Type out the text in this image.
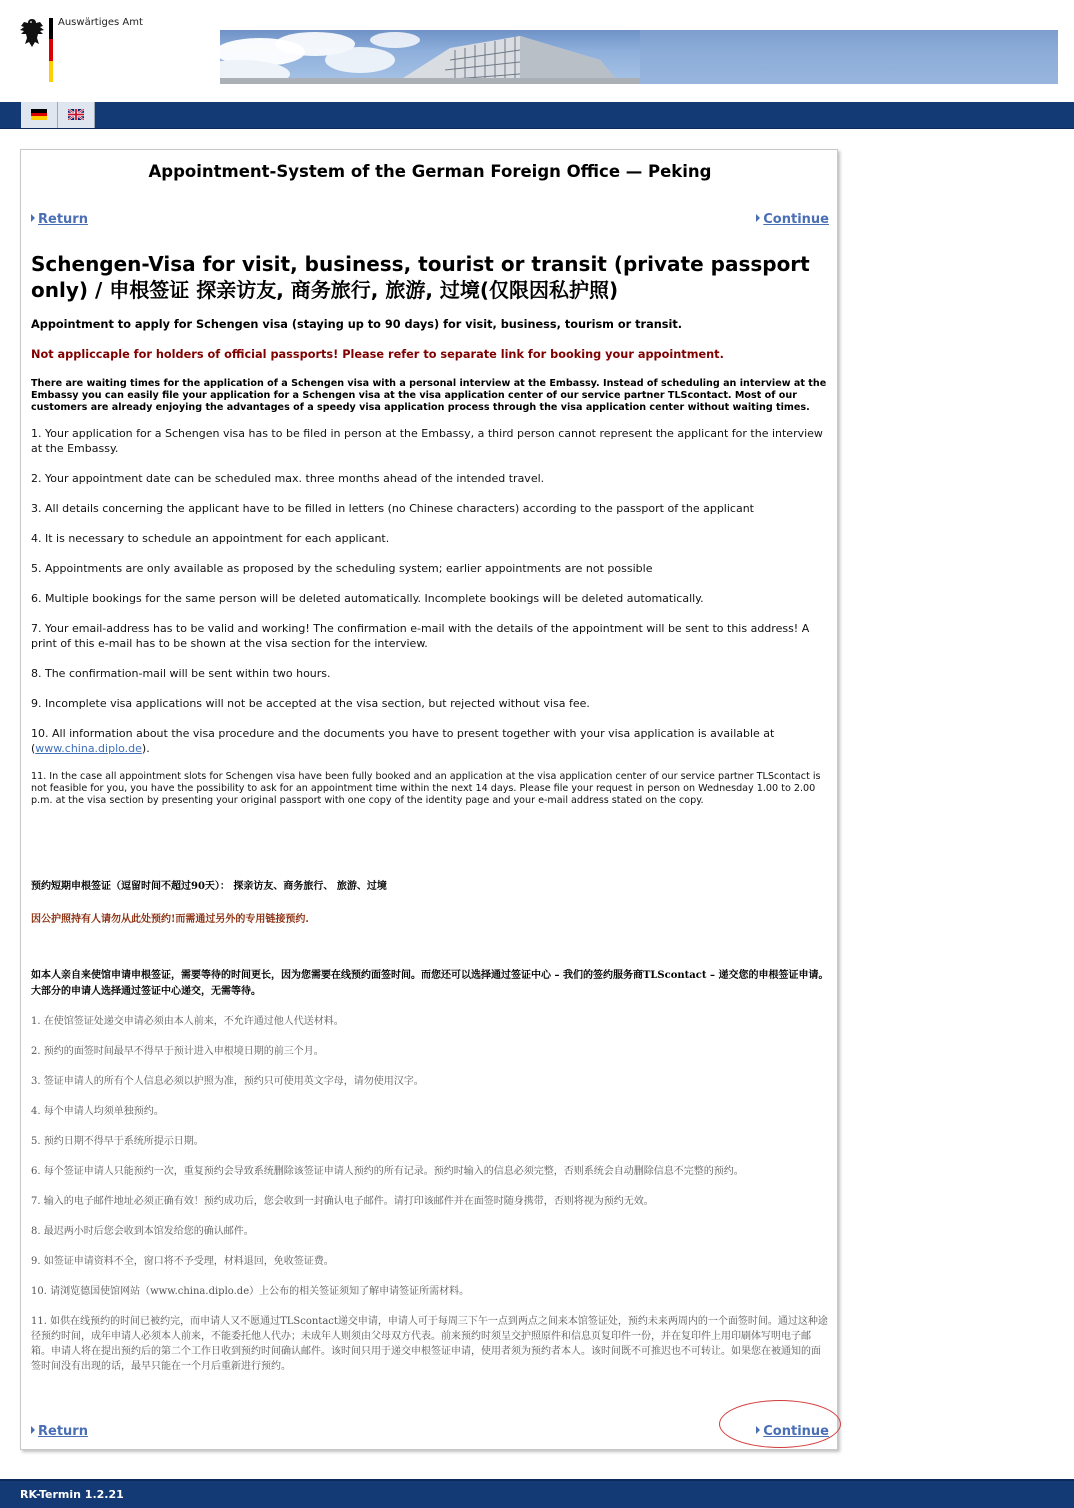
Auswärtiges Amt
Appointment-System of the German Foreign Office — Peking
Return	Continue
Schengen-Visa for visit, business, tourist or transit (private passport only) / 申根签证 探亲访友, 商务旅行, 旅游, 过境(仅限因私护照)
Appointment to apply for Schengen visa (staying up to 90 days) for visit, business, tourism or transit.
Not appliccaple for holders of official passports! Please refer to separate link for booking your appointment.
There are waiting times for the application of a Schengen visa with a personal interview at the Embassy. Instead of scheduling an interview at the Embassy you can easily file your application for a Schengen visa at the visa application center of our service partner TLScontact. Most of our customers are already enjoying the advantages of a speedy visa application process through the visa application center without waiting times.
1. Your application for a Schengen visa has to be filed in person at the Embassy, a third person cannot represent the applicant for the interview at the Embassy.
2. Your appointment date can be scheduled max. three months ahead of the intended travel.
3. All details concerning the applicant have to be filled in letters (no Chinese characters) according to the passport of the applicant
4. It is necessary to schedule an appointment for each applicant.
5. Appointments are only available as proposed by the scheduling system; earlier appointments are not possible
6. Multiple bookings for the same person will be deleted automatically. Incomplete bookings will be deleted automatically.
7. Your email-address has to be valid and working! The confirmation e-mail with the details of the appointment will be sent to this address! A print of this e-mail has to be shown at the visa section for the interview.
8. The confirmation-mail will be sent within two hours.
9. Incomplete visa applications will not be accepted at the visa section, but rejected without visa fee.
10. All information about the visa procedure and the documents you have to present together with your visa application is available at (www.china.diplo.de).
11. In the case all appointment slots for Schengen visa have been fully booked and an application at the visa application center of our service partner TLScontact is not feasible for you, you have the possibility to ask for an appointment time within the next 14 days. Please file your request in person on Wednesday 1.00 to 2.00 p.m. at the visa section by presenting your original passport with one copy of the identity page and your e-mail address stated on the copy.
预约短期申根签证（逗留时间不超过90天）： 探亲访友、商务旅行、 旅游、过境
因公护照持有人请勿从此处预约!而需通过另外的专用链接预约.
如本人亲自来使馆申请申根签证，需要等待的时间更长，因为您需要在线预约面签时间。而您还可以选择通过签证中心 – 我们的签约服务商TLScontact – 递交您的申根签证申请。大部分的申请人选择通过签证中心递交，无需等待。
1. 在使馆签证处递交申请必须由本人前来，不允许通过他人代送材料。
2. 预约的面签时间最早不得早于预计进入申根境日期的前三个月。
3. 签证申请人的所有个人信息必须以护照为准，预约只可使用英文字母，请勿使用汉字。
4. 每个申请人均须单独预约。
5. 预约日期不得早于系统所提示日期。
6. 每个签证申请人只能预约一次，重复预约会导致系统删除该签证申请人预约的所有记录。预约时输入的信息必须完整，否则系统会自动删除信息不完整的预约。
7. 输入的电子邮件地址必须正确有效！预约成功后，您会收到一封确认电子邮件。请打印该邮件并在面签时随身携带，否则将视为预约无效。
8. 最迟两小时后您会收到本馆发给您的确认邮件。
9. 如签证申请资料不全，窗口将不予受理，材料退回，免收签证费。
10. 请浏览德国使馆网站（www.china.diplo.de）上公布的相关签证须知了解申请签证所需材料。
11. 如供在线预约的时间已被约完，而申请人又不愿通过TLScontact递交申请，申请人可于每周三下午一点到两点之间来本馆签证处，预约未来两周内的一个面签时间。通过这种途径预约时间，成年申请人必须本人前来，不能委托他人代办；未成年人则须由父母双方代表。前来预约时须呈交护照原件和信息页复印件一份，并在复印件上用印刷体写明电子邮箱。申请人将在提出预约后的第二个工作日收到预约时间确认邮件。该时间只用于递交申根签证申请，使用者须为预约者本人。该时间既不可推迟也不可转让。如果您在被通知的面签时间没有出现的话，最早只能在一个月后重新进行预约。
Return	Continue
RK-Termin 1.2.21
